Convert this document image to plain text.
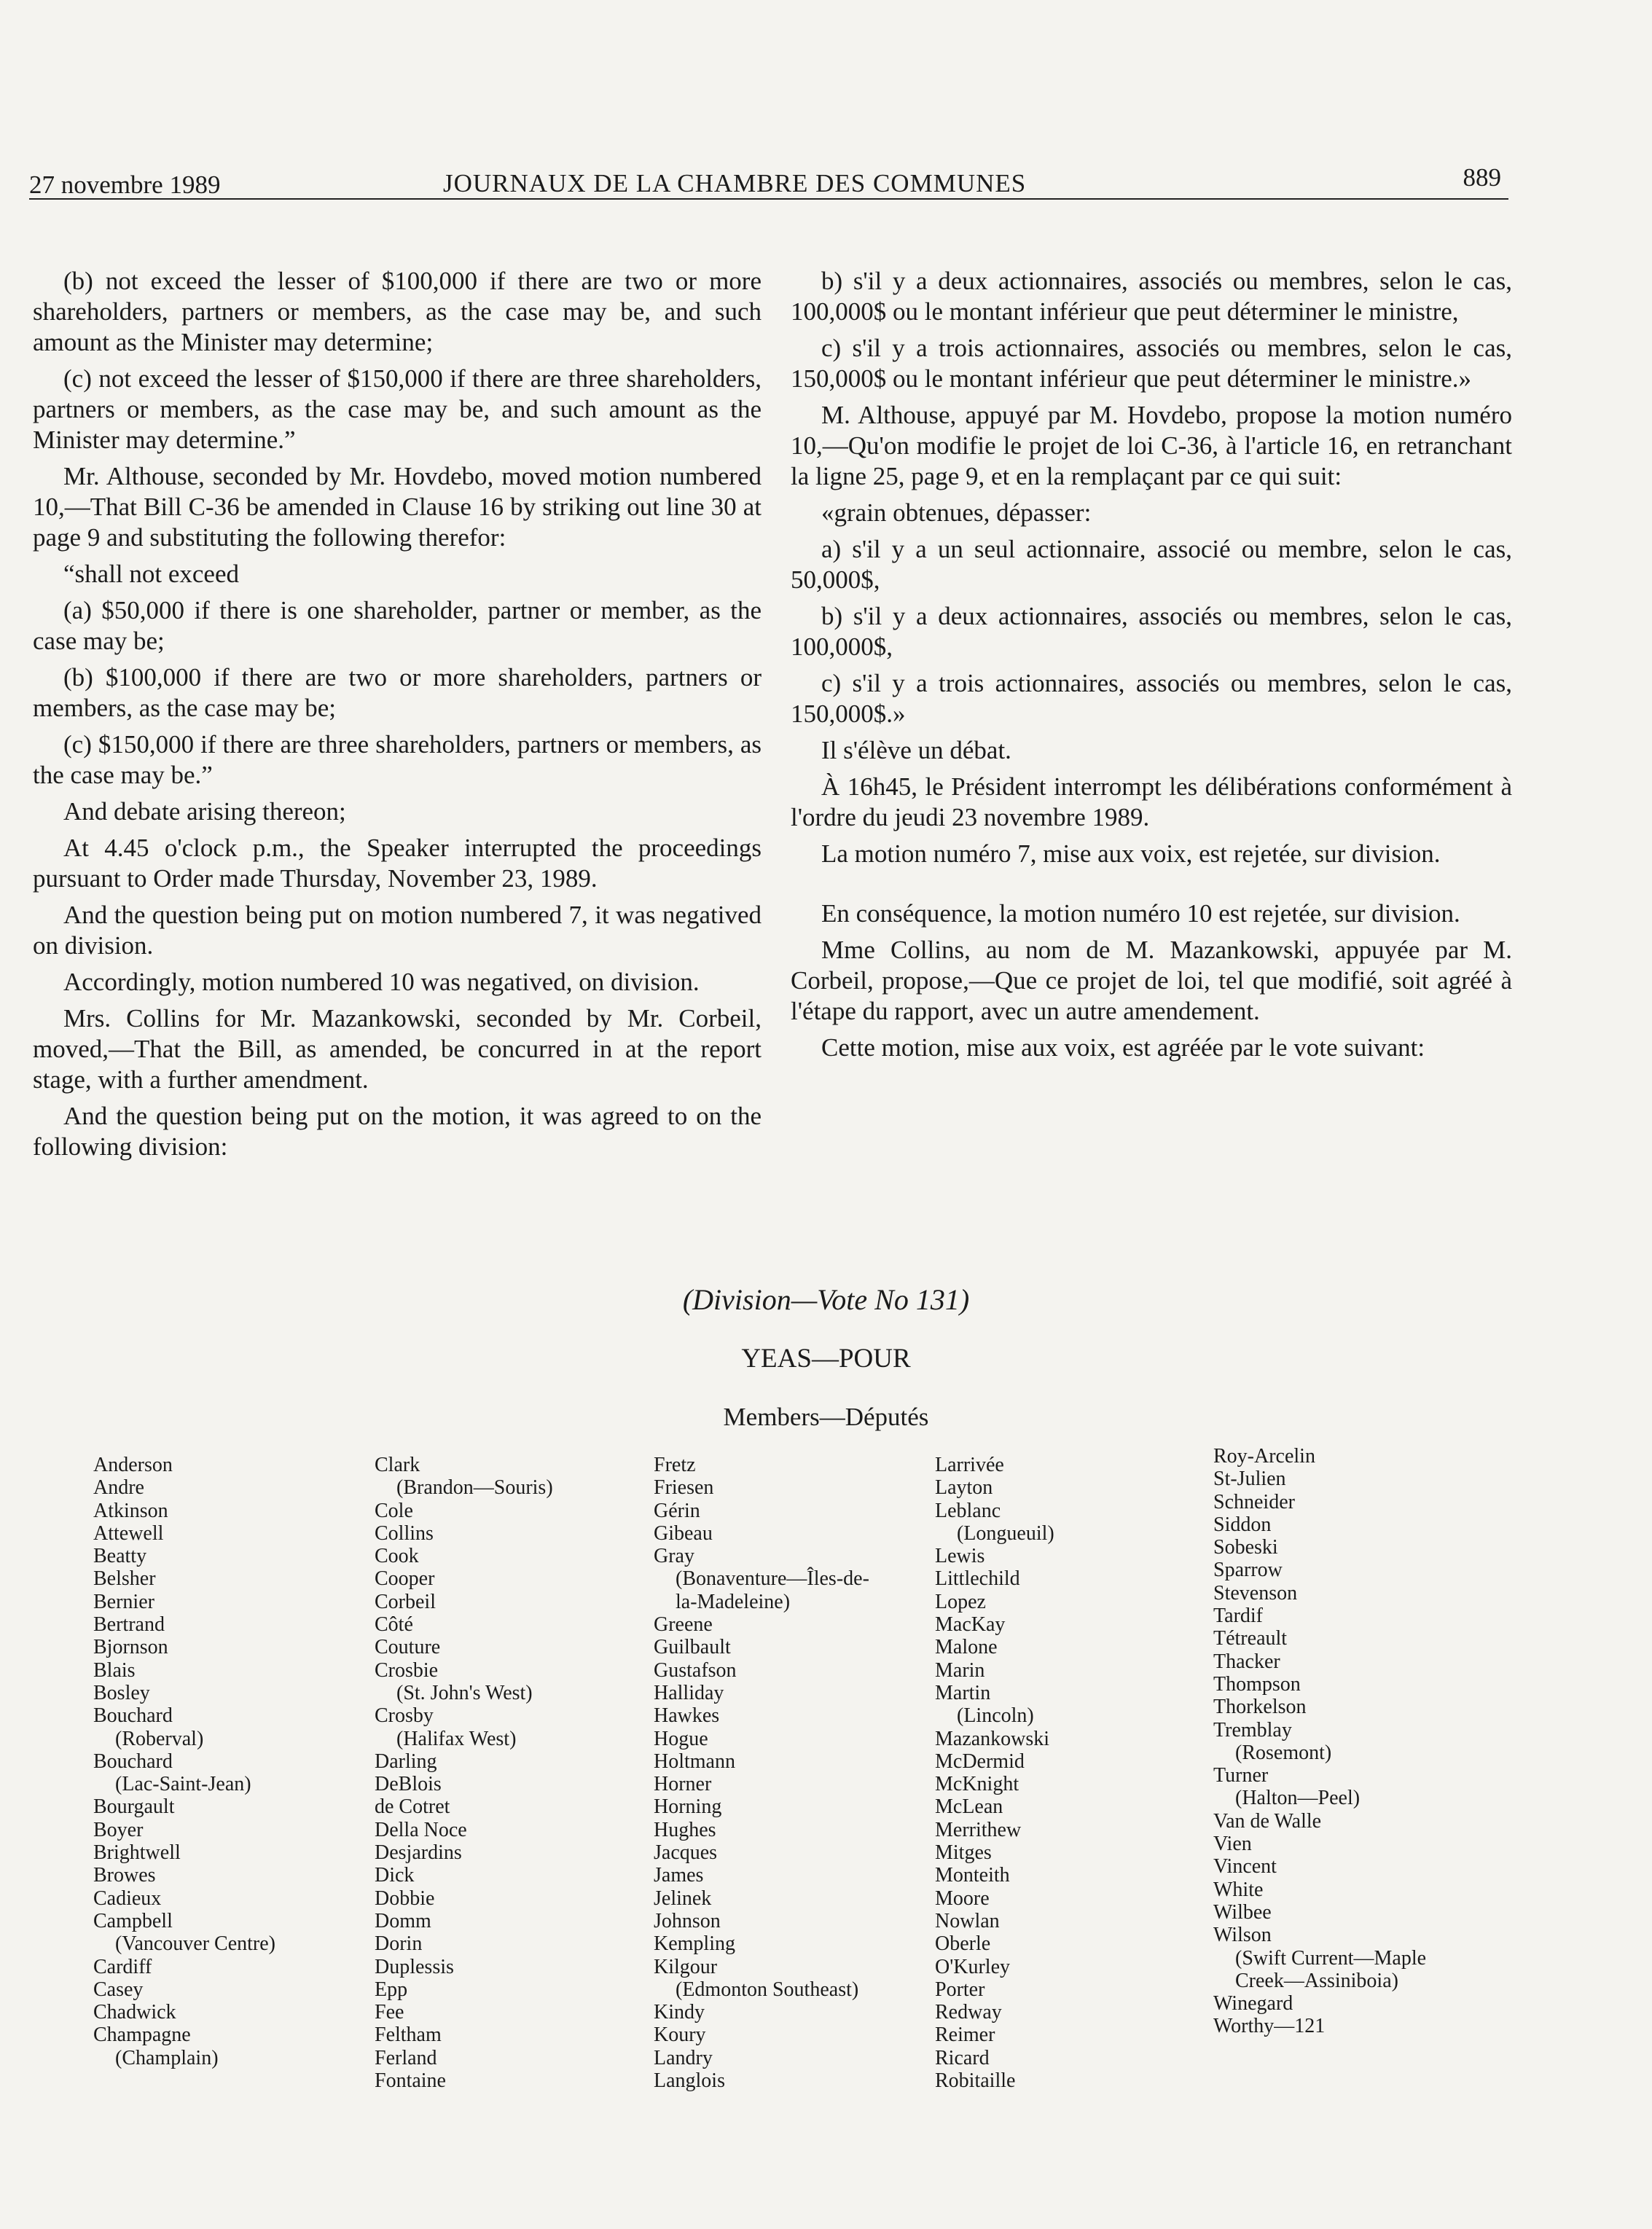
27 novembre 1989	JOURNAUX DE LA CHAMBRE DES COMMUNES	889

(b) not exceed the lesser of $100,000 if there are two or more shareholders, partners or members, as the case may be, and such amount as the Minister may determine;

(c) not exceed the lesser of $150,000 if there are three shareholders, partners or members, as the case may be, and such amount as the Minister may determine.”

Mr. Althouse, seconded by Mr. Hovdebo, moved motion numbered 10,—That Bill C-36 be amended in Clause 16 by striking out line 30 at page 9 and substituting the following therefor:

“shall not exceed

(a) $50,000 if there is one shareholder, partner or member, as the case may be;

(b) $100,000 if there are two or more shareholders, partners or members, as the case may be;

(c) $150,000 if there are three shareholders, partners or members, as the case may be.”

And debate arising thereon;

At 4.45 o'clock p.m., the Speaker interrupted the proceedings pursuant to Order made Thursday, November 23, 1989.

And the question being put on motion numbered 7, it was negatived on division.

Accordingly, motion numbered 10 was negatived, on division.

Mrs. Collins for Mr. Mazankowski, seconded by Mr. Corbeil, moved,—That the Bill, as amended, be concurred in at the report stage, with a further amendment.

And the question being put on the motion, it was agreed to on the following division:

b) s'il y a deux actionnaires, associés ou membres, selon le cas, 100,000$ ou le montant inférieur que peut déterminer le ministre,

c) s'il y a trois actionnaires, associés ou membres, selon le cas, 150,000$ ou le montant inférieur que peut déterminer le ministre.»

M. Althouse, appuyé par M. Hovdebo, propose la motion numéro 10,—Qu'on modifie le projet de loi C-36, à l'article 16, en retranchant la ligne 25, page 9, et en la remplaçant par ce qui suit:

«grain obtenues, dépasser:

a) s'il y a un seul actionnaire, associé ou membre, selon le cas, 50,000$,

b) s'il y a deux actionnaires, associés ou membres, selon le cas, 100,000$,

c) s'il y a trois actionnaires, associés ou membres, selon le cas, 150,000$.»

Il s'élève un débat.

À 16h45, le Président interrompt les délibérations conformément à l'ordre du jeudi 23 novembre 1989.

La motion numéro 7, mise aux voix, est rejetée, sur division.

En conséquence, la motion numéro 10 est rejetée, sur division.

Mme Collins, au nom de M. Mazankowski, appuyée par M. Corbeil, propose,—Que ce projet de loi, tel que modifié, soit agréé à l'étape du rapport, avec un autre amendement.

Cette motion, mise aux voix, est agréée par le vote suivant:

(Division—Vote No 131)
YEAS—POUR
Members—Députés
Anderson
Andre
Atkinson
Attewell
Beatty
Belsher
Bernier
Bertrand
Bjornson
Blais
Bosley
Bouchard
(Roberval)
Bouchard
(Lac-Saint-Jean)
Bourgault
Boyer
Brightwell
Browes
Cadieux
Campbell
(Vancouver Centre)
Cardiff
Casey
Chadwick
Champagne
(Champlain)
Clark
(Brandon—Souris)
Cole
Collins
Cook
Cooper
Corbeil
Côté
Couture
Crosbie
(St. John's West)
Crosby
(Halifax West)
Darling
DeBlois
de Cotret
Della Noce
Desjardins
Dick
Dobbie
Domm
Dorin
Duplessis
Epp
Fee
Feltham
Ferland
Fontaine
Fretz
Friesen
Gérin
Gibeau
Gray
(Bonaventure—Îles-de-
la-Madeleine)
Greene
Guilbault
Gustafson
Halliday
Hawkes
Hogue
Holtmann
Horner
Horning
Hughes
Jacques
James
Jelinek
Johnson
Kempling
Kilgour
(Edmonton Southeast)
Kindy
Koury
Landry
Langlois
Larrivée
Layton
Leblanc
(Longueuil)
Lewis
Littlechild
Lopez
MacKay
Malone
Marin
Martin
(Lincoln)
Mazankowski
McDermid
McKnight
McLean
Merrithew
Mitges
Monteith
Moore
Nowlan
Oberle
O'Kurley
Porter
Redway
Reimer
Ricard
Robitaille
Roy-Arcelin
St-Julien
Schneider
Siddon
Sobeski
Sparrow
Stevenson
Tardif
Tétreault
Thacker
Thompson
Thorkelson
Tremblay
(Rosemont)
Turner
(Halton—Peel)
Van de Walle
Vien
Vincent
White
Wilbee
Wilson
(Swift Current—Maple
Creek—Assiniboia)
Winegard
Worthy—121
